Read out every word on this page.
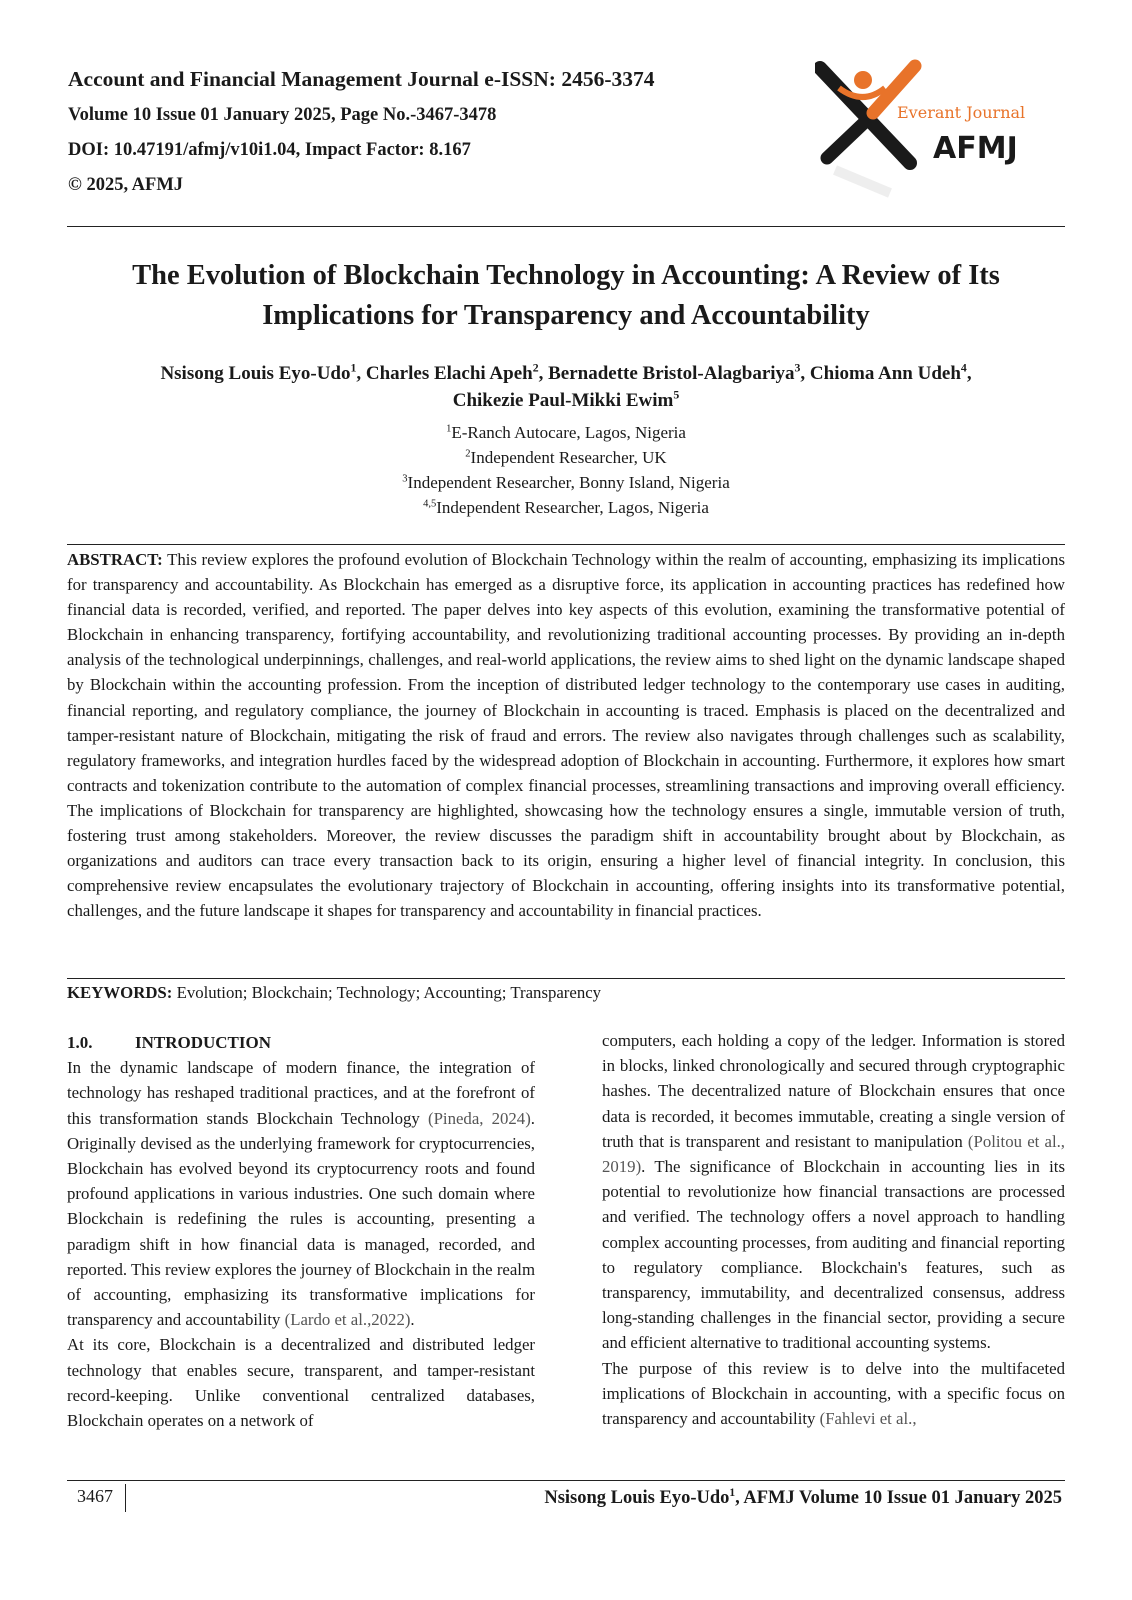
Account and Financial Management Journal e-ISSN: 2456-3374

Volume 10 Issue 01 January 2025, Page No.-3467-3478

DOI: 10.47191/afmj/v10i1.04, Impact Factor: 8.167

© 2025, AFMJ

Everant Journal
AFMJ
The Evolution of Blockchain Technology in Accounting: A Review of Its
Implications for Transparency and Accountability
Nsisong Louis Eyo-Udo$^1$, Charles Elachi Apeh$^2$, Bernadette Bristol-Alagbariya$^3$, Chioma Ann Udeh$^4$,
Chikezie Paul-Mikki Ewim$^5$
$^1$E-Ranch Autocare, Lagos, Nigeria
$^2$Independent Researcher, UK
$^3$Independent Researcher, Bonny Island, Nigeria
$^{4,5}$Independent Researcher, Lagos, Nigeria

ABSTRACT: This review explores the profound evolution of Blockchain Technology within the realm of accounting, emphasizing its implications for transparency and accountability. As Blockchain has emerged as a disruptive force, its application in accounting practices has redefined how financial data is recorded, verified, and reported. The paper delves into key aspects of this evolution, examining the transformative potential of Blockchain in enhancing transparency, fortifying accountability, and revolutionizing traditional accounting processes. By providing an in-depth analysis of the technological underpinnings, challenges, and real-world applications, the review aims to shed light on the dynamic landscape shaped by Blockchain within the accounting profession. From the inception of distributed ledger technology to the contemporary use cases in auditing, financial reporting, and regulatory compliance, the journey of Blockchain in accounting is traced. Emphasis is placed on the decentralized and tamper-resistant nature of Blockchain, mitigating the risk of fraud and errors. The review also navigates through challenges such as scalability, regulatory frameworks, and integration hurdles faced by the widespread adoption of Blockchain in accounting. Furthermore, it explores how smart contracts and tokenization contribute to the automation of complex financial processes, streamlining transactions and improving overall efficiency. The implications of Blockchain for transparency are highlighted, showcasing how the technology ensures a single, immutable version of truth, fostering trust among stakeholders. Moreover, the review discusses the paradigm shift in accountability brought about by Blockchain, as organizations and auditors can trace every transaction back to its origin, ensuring a higher level of financial integrity. In conclusion, this comprehensive review encapsulates the evolutionary trajectory of Blockchain in accounting, offering insights into its transformative potential, challenges, and the future landscape it shapes for transparency and accountability in financial practices.

KEYWORDS: Evolution; Blockchain; Technology; Accounting; Transparency

1.0.	INTRODUCTION

In the dynamic landscape of modern finance, the integration of technology has reshaped traditional practices, and at the forefront of this transformation stands Blockchain Technology (Pineda, 2024). Originally devised as the underlying framework for cryptocurrencies, Blockchain has evolved beyond its cryptocurrency roots and found profound applications in various industries. One such domain where Blockchain is redefining the rules is accounting, presenting a paradigm shift in how financial data is managed, recorded, and reported. This review explores the journey of Blockchain in the realm of accounting, emphasizing its transformative implications for transparency and accountability (Lardo et al.,2022).

At its core, Blockchain is a decentralized and distributed ledger technology that enables secure, transparent, and tamper-resistant record-keeping. Unlike conventional centralized databases, Blockchain operates on a network of

computers, each holding a copy of the ledger. Information is stored in blocks, linked chronologically and secured through cryptographic hashes. The decentralized nature of Blockchain ensures that once data is recorded, it becomes immutable, creating a single version of truth that is transparent and resistant to manipulation (Politou et al., 2019). The significance of Blockchain in accounting lies in its potential to revolutionize how financial transactions are processed and verified. The technology offers a novel approach to handling complex accounting processes, from auditing and financial reporting to regulatory compliance. Blockchain's features, such as transparency, immutability, and decentralized consensus, address long-standing challenges in the financial sector, providing a secure and efficient alternative to traditional accounting systems.

The purpose of this review is to delve into the multifaceted implications of Blockchain in accounting, with a specific focus on transparency and accountability (Fahlevi et al.,

3467	Nsisong Louis Eyo-Udo$^1$, AFMJ Volume 10 Issue 01 January 2025
